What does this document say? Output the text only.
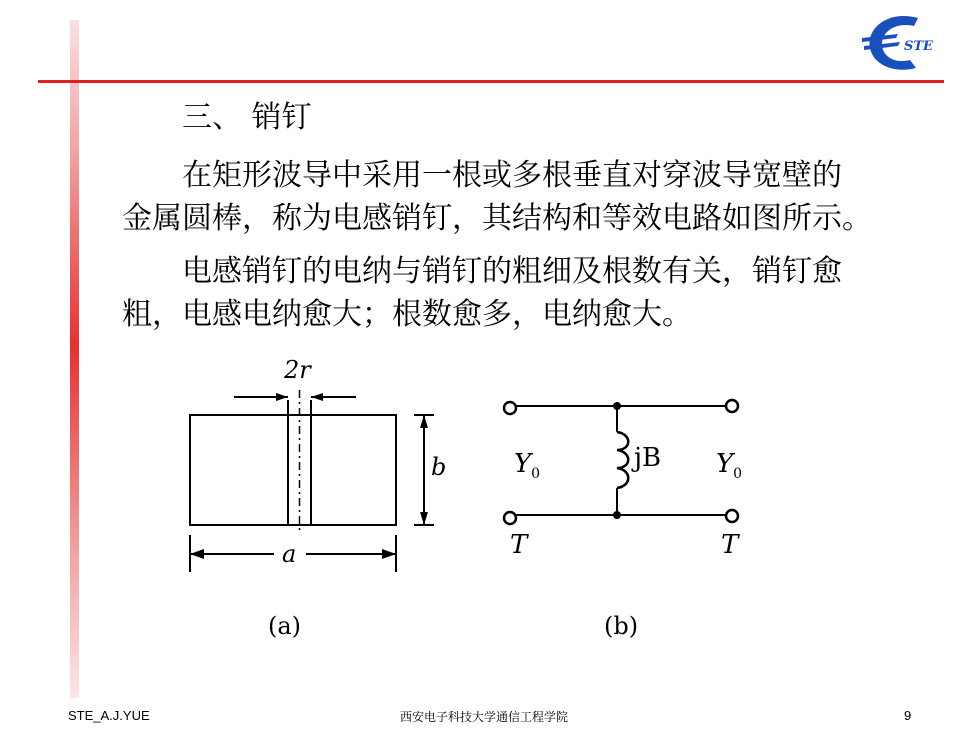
STE
三、 销钉
在矩形波导中采用一根或多根垂直对穿波导宽壁的
金属圆棒，称为电感销钉，其结构和等效电路如图所示。
电感销钉的电纳与销钉的粗细及根数有关，销钉愈
粗，电感电纳愈大；根数愈多，电纳愈大。
2r
b
a
(a)
$Y_0$
jB $Y_0$
T	T
(b)
STE_A.J.YUE	西安电子科技大学通信工程学院	9
